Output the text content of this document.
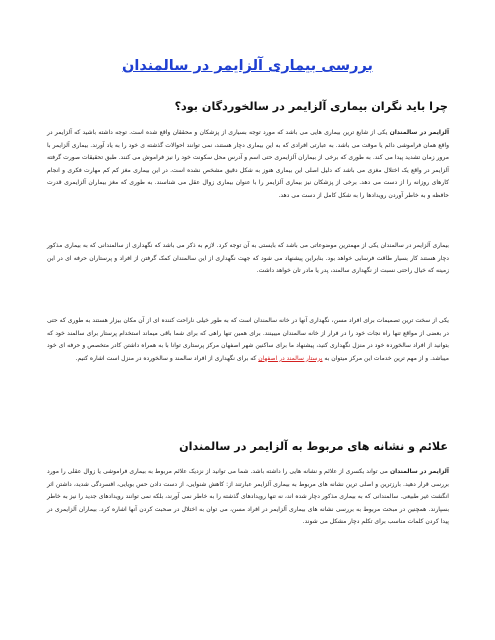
بررسی بیماری آلزایمر در سالمندان
چرا باید نگران بیماری آلزایمر در سالخوردگان بود؟

آلزایمر در سالمندان یکی از شایع ترین بیماری هایی می باشد که مورد توجه بسیاری از پزشکان و محققان واقع شده است. توجه داشته باشید که آلزایمر در واقع همان فراموشی دائم یا موقت می باشد. به عبارتی افرادی که به این بیماری دچار هستند، نمی توانند احوالات گذشته ی خود را به یاد آورند. بیماری آلزایمر با مرور زمان تشدید پیدا می کند. به طوری که برخی از بیماران آلزایمری حتی اسم و آدرس محل سکونت خود را نیز فراموش می کنند. طبق تحقیقات صورت گرفته آلزایمر در واقع یک اختلال مغزی می باشد که دلیل اصلی این بیماری هنوز به شکل دقیق مشخص نشده است. در این بیماری مغز کم کم مهارت فکری و انجام کارهای روزانه را از دست می دهد. برخی از پزشکان نیز بیماری آلزایمر را با عنوان بیماری زوال عقل می شناسند. به طوری که مغز بیماران آلزایمری قدرت حافظه و به خاطر آوردن رویدادها را به شکل کامل از دست می دهد.

بیماری آلزایمر در سالمندان یکی از مهمترین موضوعاتی می باشد که بایستی به آن توجه کرد. لازم به ذکر می باشد که نگهداری از سالمندانی که به بیماری مذکور دچار هستند کار بسیار طاقت فرسایی خواهد بود. بنابراین پیشنهاد می شود که جهت نگهداری از این سالمندان کمک گرفتن از افراد و پرستاران حرفه ای در این زمینه که خیال راحتی نسبت از نگهداری سالمند، پدر یا مادر تان خواهد داشت.

یکی از سخت ترین تصمیمات برای افراد مسن، نگهداری آنها در خانه سالمندان است که به طور خیلی ناراحت کننده ای از آن مکان بیزار هستند به طوری که حتی در بعضی از مواقع تنها راه نجات خود را در فرار از خانه سالمندان میبینند. برای همین تنها راهی که برای شما باقی میماند استخدام پرستار برای سالمند خود که بتوانید از افراد سالخورده خود در منزل نگهداری کنید، پیشنهاد ما برای ساکنین شهر اصفهان مرکز پرستاری توانا با به همراه داشتن کادر متخصص و حرفه ای خود میباشد. و از مهم ترین خدمات این مرکز میتوان به پرستار سالمند در اصفهان که برای نگهداری از افراد سالمند و سالخورده در منزل است اشاره کنیم.

علائم و نشانه های مربوط به آلزایمر در سالمندان

آلزایمر در سالمندان می تواند یکسری از علائم و نشانه هایی را داشته باشد. شما می توانید از نزدیک علائم مربوط به بیماری فراموشی یا زوال عقلی را مورد بررسی قرار دهید. بارزترین و اصلی ترین نشانه های مربوط به بیماری آلزایمر عبارتند از: کاهش شنوایی، از دست دادن حس بویایی، افسردگی شدید، داشتن اثر انگشت غیر طبیعی. سالمندانی که به بیماری مذکور دچار شده اند، نه تنها رویدادهای گذشته را به خاطر نمی آورند، بلکه نمی توانند رویدادهای جدید را نیز به خاطر بسپارند. همچنین در مبحث مربوط به بررسی نشانه های بیماری آلزایمر در افراد مسن، می توان به اختلال در صحبت کردن آنها اشاره کرد. بیماران آلزایمری در پیدا کردن کلمات مناسب برای تکلم دچار مشکل می شوند.
